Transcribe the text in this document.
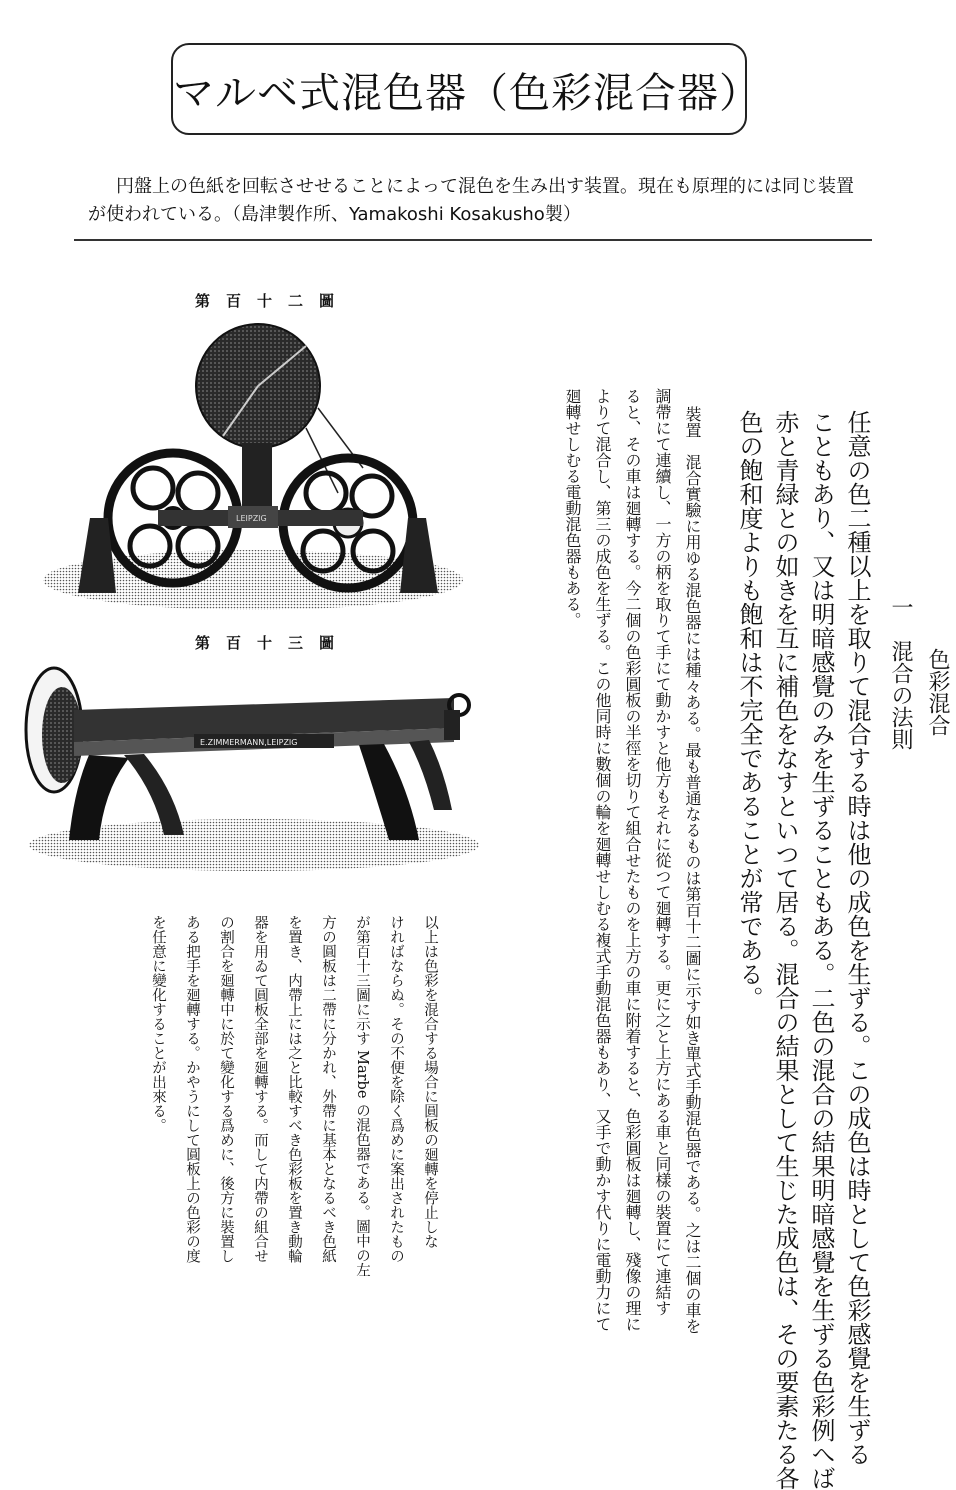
マルベ式混色器（色彩混合器）
円盤上の色紙を回転させせることによって混色を生み出す装置。現在も原理的には同じ装置が使われている。（島津製作所、Yamakoshi Kosakusho製）
第百十二圖
LEIPZIG
第百十三圖
E.ZIMMERMANN,LEIPZIG
色彩混合
一　混合の法則
任意の色二種以上を取りて混合する時は他の成色を生ずる。この成色は時として色彩感覺を生ずる
こともあり、又は明暗感覺のみを生ずることもある。二色の混合の結果明暗感覺を生ずる色彩例へば
赤と青緑との如きを互に補色をなすといつて居る。混合の結果として生じた成色は、その要素たる各
色の飽和度よりも飽和は不完全であることが常である。
裝置　混合實驗に用ゆる混色器には種々ある。最も普通なるものは第百十二圖に示す如き單式手動混色器である。之は二個の車を
調帶にて連續し、一方の柄を取りて手にて動かすと他方もそれに從つて廻轉する。更に之と上方にある車と同樣の裝置にて連結す
ると、その車は廻轉する。今二個の色彩圓板の半徑を切りて組合せたものを上方の車に附着すると、色彩圓板は廻轉し、殘像の理に
よりて混合し、第三の成色を生ずる。この他同時に數個の輪を廻轉せしむる複式手動混色器もあり、又手で動かす代りに電動力にて
廻轉せしむる電動混色器もある。
以上は色彩を混合する場合に圓板の廻轉を停止しな
ければならぬ。その不便を除く爲めに案出されたもの
が第百十三圖に示す Marbe の混色器である。圖中の左
方の圓板は二帶に分かれ、外帶に基本となるべき色紙
を置き、内帶上には之と比較すべき色彩板を置き動輪
器を用ゐて圓板全部を廻轉する。而して内帶の組合せ
の割合を廻轉中に於て變化する爲めに、後方に裝置し
ある把手を廻轉する。かやうにして圓板上の色彩の度
を任意に變化することが出來る。
